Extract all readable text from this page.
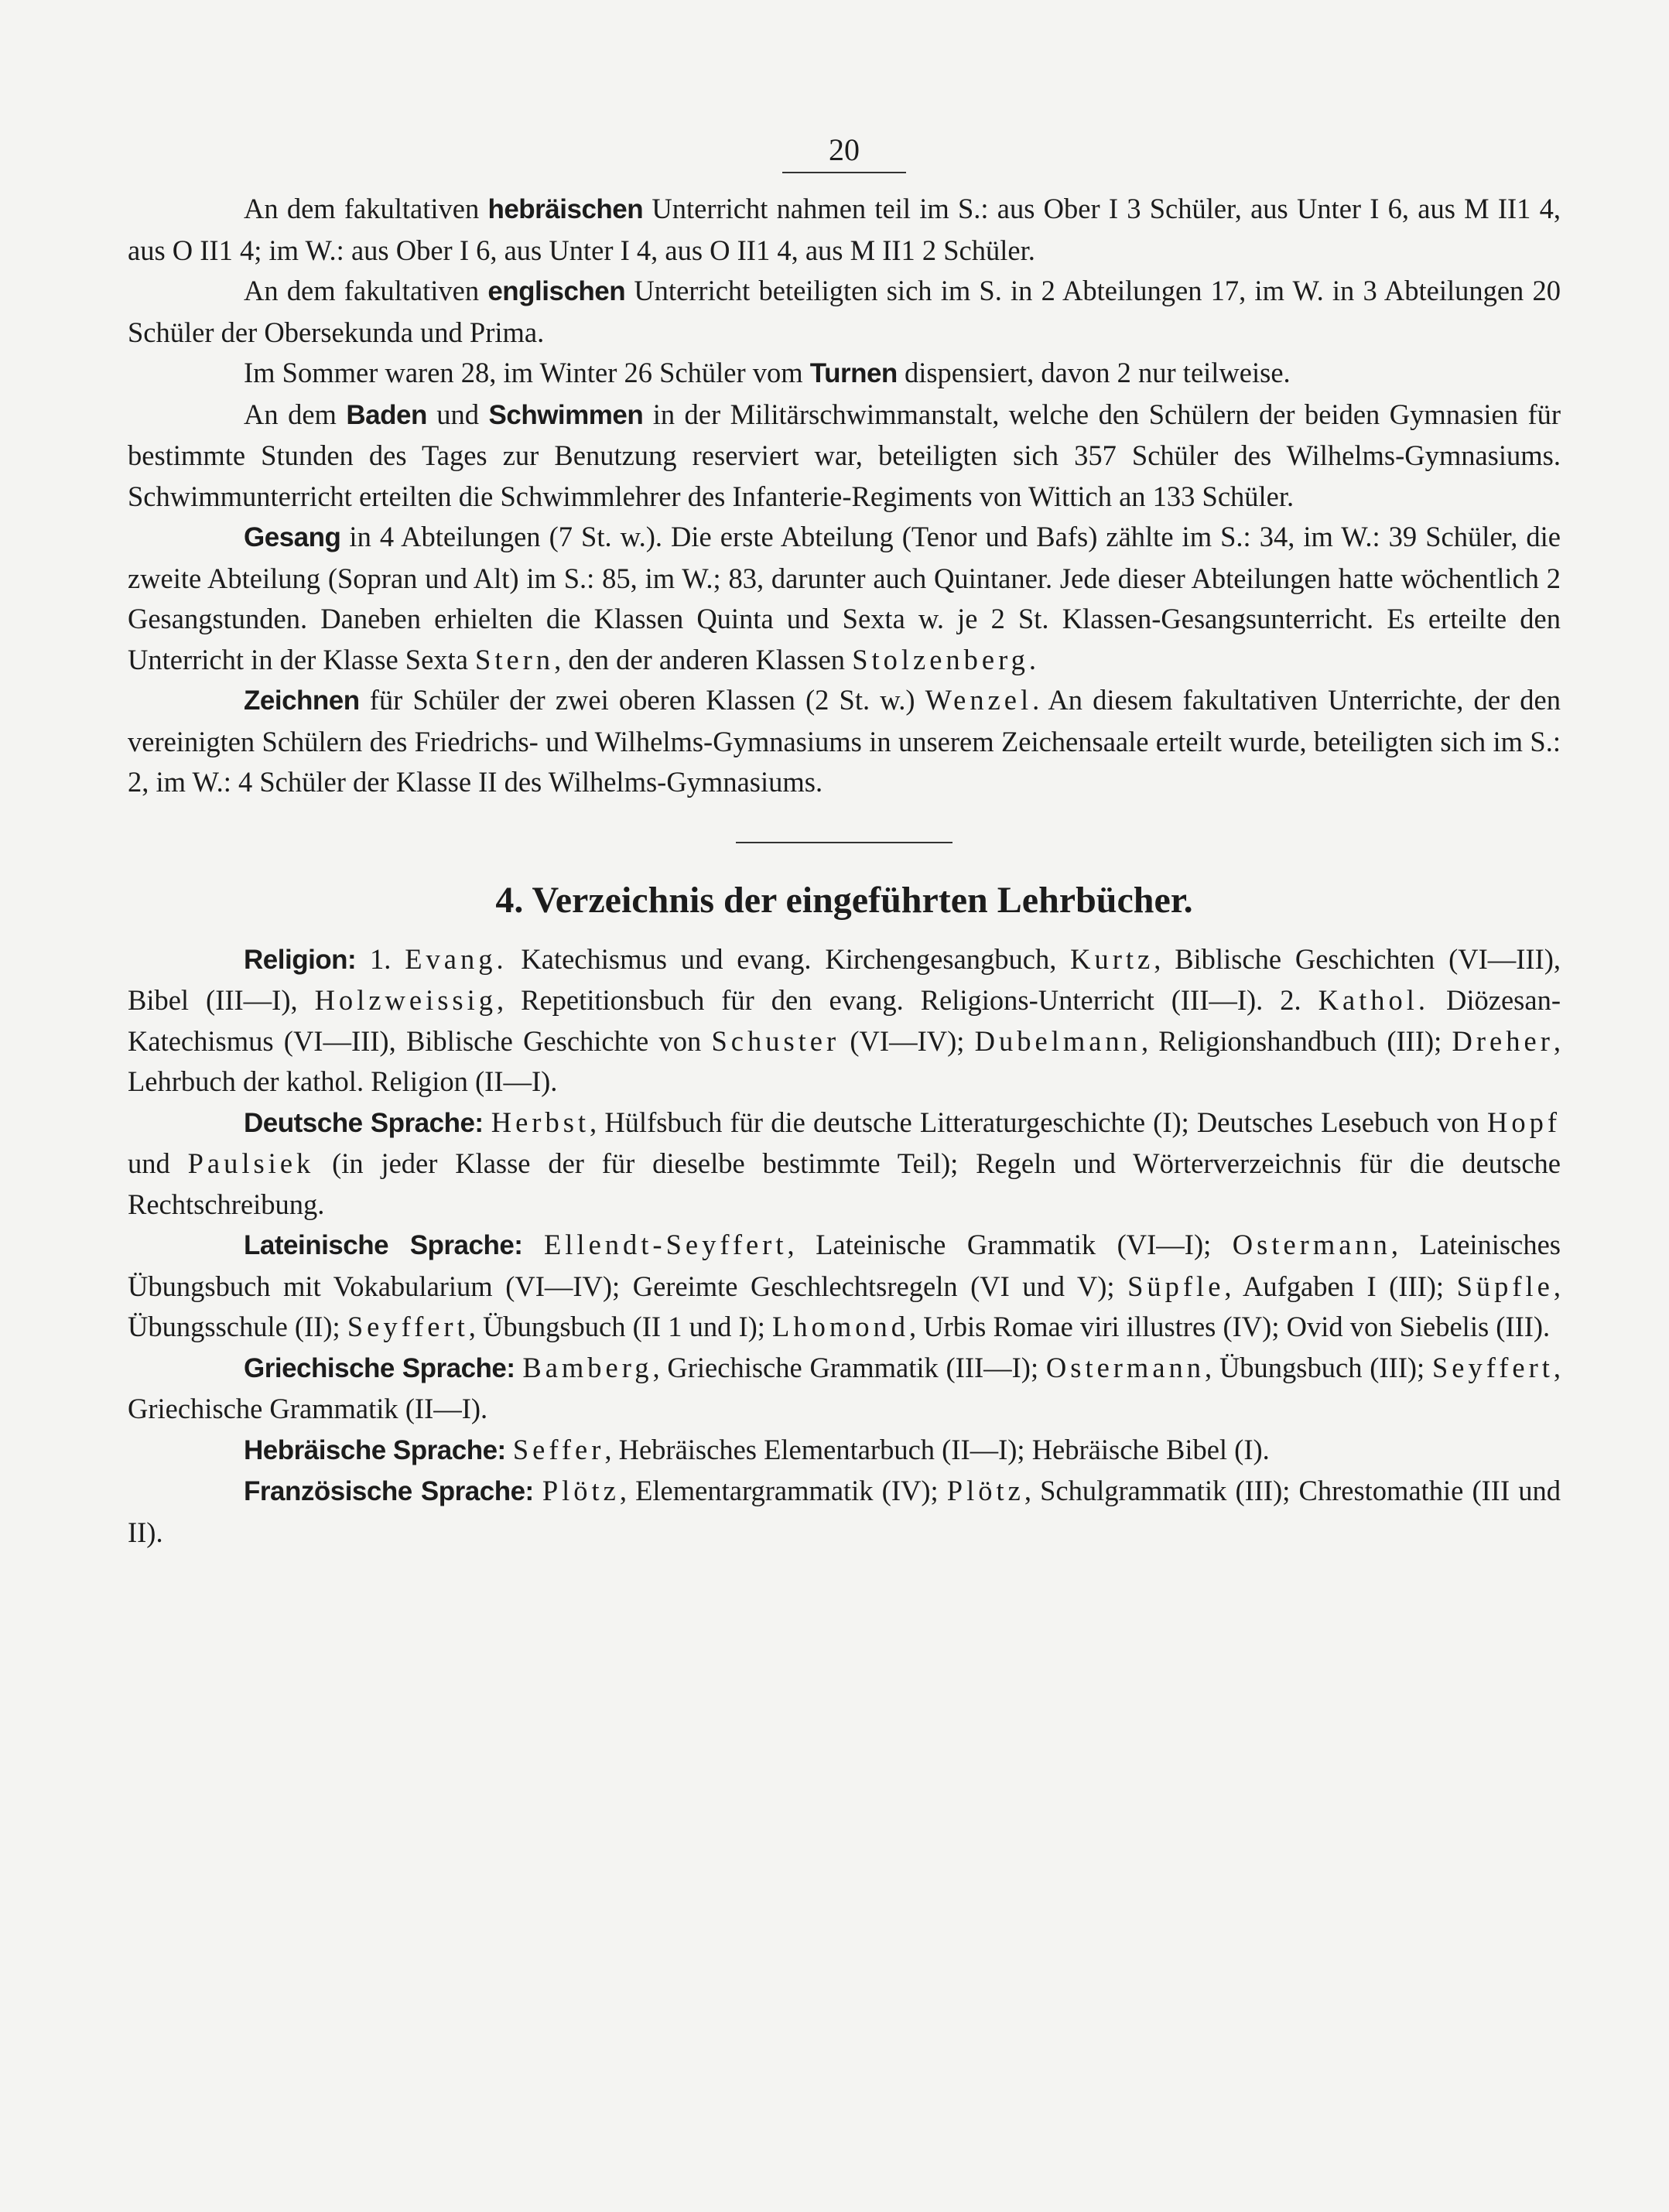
20

An dem fakultativen hebräischen Unterricht nahmen teil im S.: aus Ober I 3 Schüler, aus Unter I 6, aus M II1 4, aus O II1 4; im W.: aus Ober I 6, aus Unter I 4, aus O II1 4, aus M II1 2 Schüler.

An dem fakultativen englischen Unterricht beteiligten sich im S. in 2 Abteilungen 17, im W. in 3 Abteilungen 20 Schüler der Obersekunda und Prima.

Im Sommer waren 28, im Winter 26 Schüler vom Turnen dispensiert, davon 2 nur teilweise.

An dem Baden und Schwimmen in der Militärschwimmanstalt, welche den Schülern der beiden Gymnasien für bestimmte Stunden des Tages zur Benutzung reserviert war, beteiligten sich 357 Schüler des Wilhelms-Gymnasiums. Schwimmunterricht erteilten die Schwimmlehrer des Infanterie-Regiments von Wittich an 133 Schüler.

Gesang in 4 Abteilungen (7 St. w.). Die erste Abteilung (Tenor und Bafs) zählte im S.: 34, im W.: 39 Schüler, die zweite Abteilung (Sopran und Alt) im S.: 85, im W.; 83, darunter auch Quintaner. Jede dieser Abteilungen hatte wöchentlich 2 Gesangstunden. Daneben erhielten die Klassen Quinta und Sexta w. je 2 St. Klassen-Gesangsunterricht. Es erteilte den Unterricht in der Klasse Sexta Stern, den der anderen Klassen Stolzenberg.

Zeichnen für Schüler der zwei oberen Klassen (2 St. w.) Wenzel. An diesem fakultativen Unterrichte, der den vereinigten Schülern des Friedrichs- und Wilhelms-Gymnasiums in unserem Zeichensaale erteilt wurde, beteiligten sich im S.: 2, im W.: 4 Schüler der Klasse II des Wilhelms-Gymnasiums.

4. Verzeichnis der eingeführten Lehrbücher.

Religion: 1. Evang. Katechismus und evang. Kirchengesangbuch, Kurtz, Biblische Geschichten (VI—III), Bibel (III—I), Holzweissig, Repetitionsbuch für den evang. Religions-Unterricht (III—I). 2. Kathol. Diözesan-Katechismus (VI—III), Biblische Geschichte von Schuster (VI—IV); Dubelmann, Religionshandbuch (III); Dreher, Lehrbuch der kathol. Religion (II—I).

Deutsche Sprache: Herbst, Hülfsbuch für die deutsche Litteraturgeschichte (I); Deutsches Lesebuch von Hopf und Paulsiek (in jeder Klasse der für dieselbe bestimmte Teil); Regeln und Wörterverzeichnis für die deutsche Rechtschreibung.

Lateinische Sprache: Ellendt-Seyffert, Lateinische Grammatik (VI—I); Ostermann, Lateinisches Übungsbuch mit Vokabularium (VI—IV); Gereimte Geschlechtsregeln (VI und V); Süpfle, Aufgaben I (III); Süpfle, Übungsschule (II); Seyffert, Übungsbuch (II 1 und I); Lhomond, Urbis Romae viri illustres (IV); Ovid von Siebelis (III).

Griechische Sprache: Bamberg, Griechische Grammatik (III—I); Ostermann, Übungsbuch (III); Seyffert, Griechische Grammatik (II—I).

Hebräische Sprache: Seffer, Hebräisches Elementarbuch (II—I); Hebräische Bibel (I).

Französische Sprache: Plötz, Elementargrammatik (IV); Plötz, Schulgrammatik (III); Chrestomathie (III und II).
